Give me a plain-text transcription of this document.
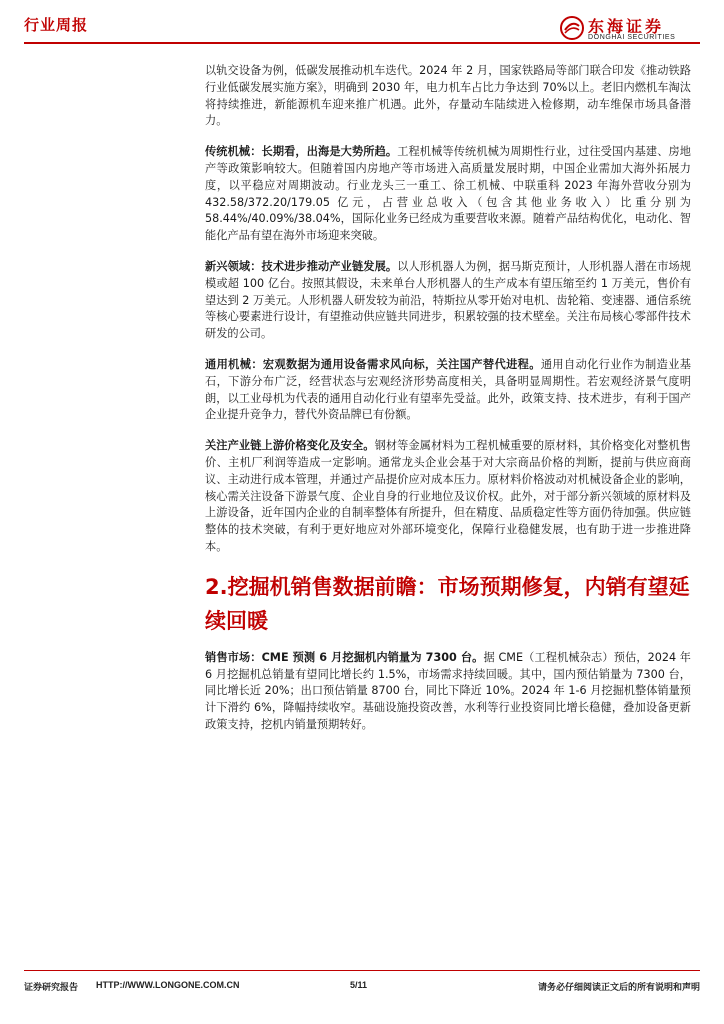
行业周报	东海证券
DONGHAI SECURITIES

以轨交设备为例，低碳发展推动机车迭代。2024 年 2 月，国家铁路局等部门联合印发《推动铁路行业低碳发展实施方案》，明确到 2030 年，电力机车占比力争达到 70%以上。老旧内燃机车淘汰将持续推进，新能源机车迎来推广机遇。此外，存量动车陆续进入检修期，动车维保市场具备潜力。

传统机械：长期看，出海是大势所趋。工程机械等传统机械为周期性行业，过往受国内基建、房地产等政策影响较大。但随着国内房地产等市场进入高质量发展时期，中国企业需加大海外拓展力度，以平稳应对周期波动。行业龙头三一重工、徐工机械、中联重科 2023 年海外营收分别为 432.58/372.20/179.05 亿元，占营业总收入（包含其他业务收入）比重分别为 58.44%/40.09%/38.04%，国际化业务已经成为重要营收来源。随着产品结构优化，电动化、智能化产品有望在海外市场迎来突破。

新兴领域：技术进步推动产业链发展。以人形机器人为例，据马斯克预计，人形机器人潜在市场规模或超 100 亿台。按照其假设，未来单台人形机器人的生产成本有望压缩至约 1 万美元，售价有望达到 2 万美元。人形机器人研发较为前沿，特斯拉从零开始对电机、齿轮箱、变速器、通信系统等核心要素进行设计，有望推动供应链共同进步，积累较强的技术壁垒。关注布局核心零部件技术研发的公司。

通用机械：宏观数据为通用设备需求风向标，关注国产替代进程。通用自动化行业作为制造业基石，下游分布广泛，经营状态与宏观经济形势高度相关，具备明显周期性。若宏观经济景气度明朗，以工业母机为代表的通用自动化行业有望率先受益。此外，政策支持、技术进步，有利于国产企业提升竞争力，替代外资品牌已有份额。

关注产业链上游价格变化及安全。钢材等金属材料为工程机械重要的原材料，其价格变化对整机售价、主机厂利润等造成一定影响。通常龙头企业会基于对大宗商品价格的判断，提前与供应商商议、主动进行成本管理，并通过产品提价应对成本压力。原材料价格波动对机械设备企业的影响，核心需关注设备下游景气度、企业自身的行业地位及议价权。此外，对于部分新兴领域的原材料及上游设备，近年国内企业的自制率整体有所提升，但在精度、品质稳定性等方面仍待加强。供应链整体的技术突破，有利于更好地应对外部环境变化，保障行业稳健发展，也有助于进一步推进降本。

2.挖掘机销售数据前瞻：市场预期修复，内销有望延续回暖

销售市场：CME 预测 6 月挖掘机内销量为 7300 台。据 CME（工程机械杂志）预估，2024 年 6 月挖掘机总销量有望同比增长约 1.5%，市场需求持续回暖。其中，国内预估销量为 7300 台，同比增长近 20%；出口预估销量 8700 台，同比下降近 10%。2024 年 1-6 月挖掘机整体销量预计下滑约 6%，降幅持续收窄。基础设施投资改善，水利等行业投资同比增长稳健，叠加设备更新政策支持，挖机内销量预期转好。

证券研究报告 HTTP://WWW.LONGONE.COM.CN	5/11	请务必仔细阅读正文后的所有说明和声明
